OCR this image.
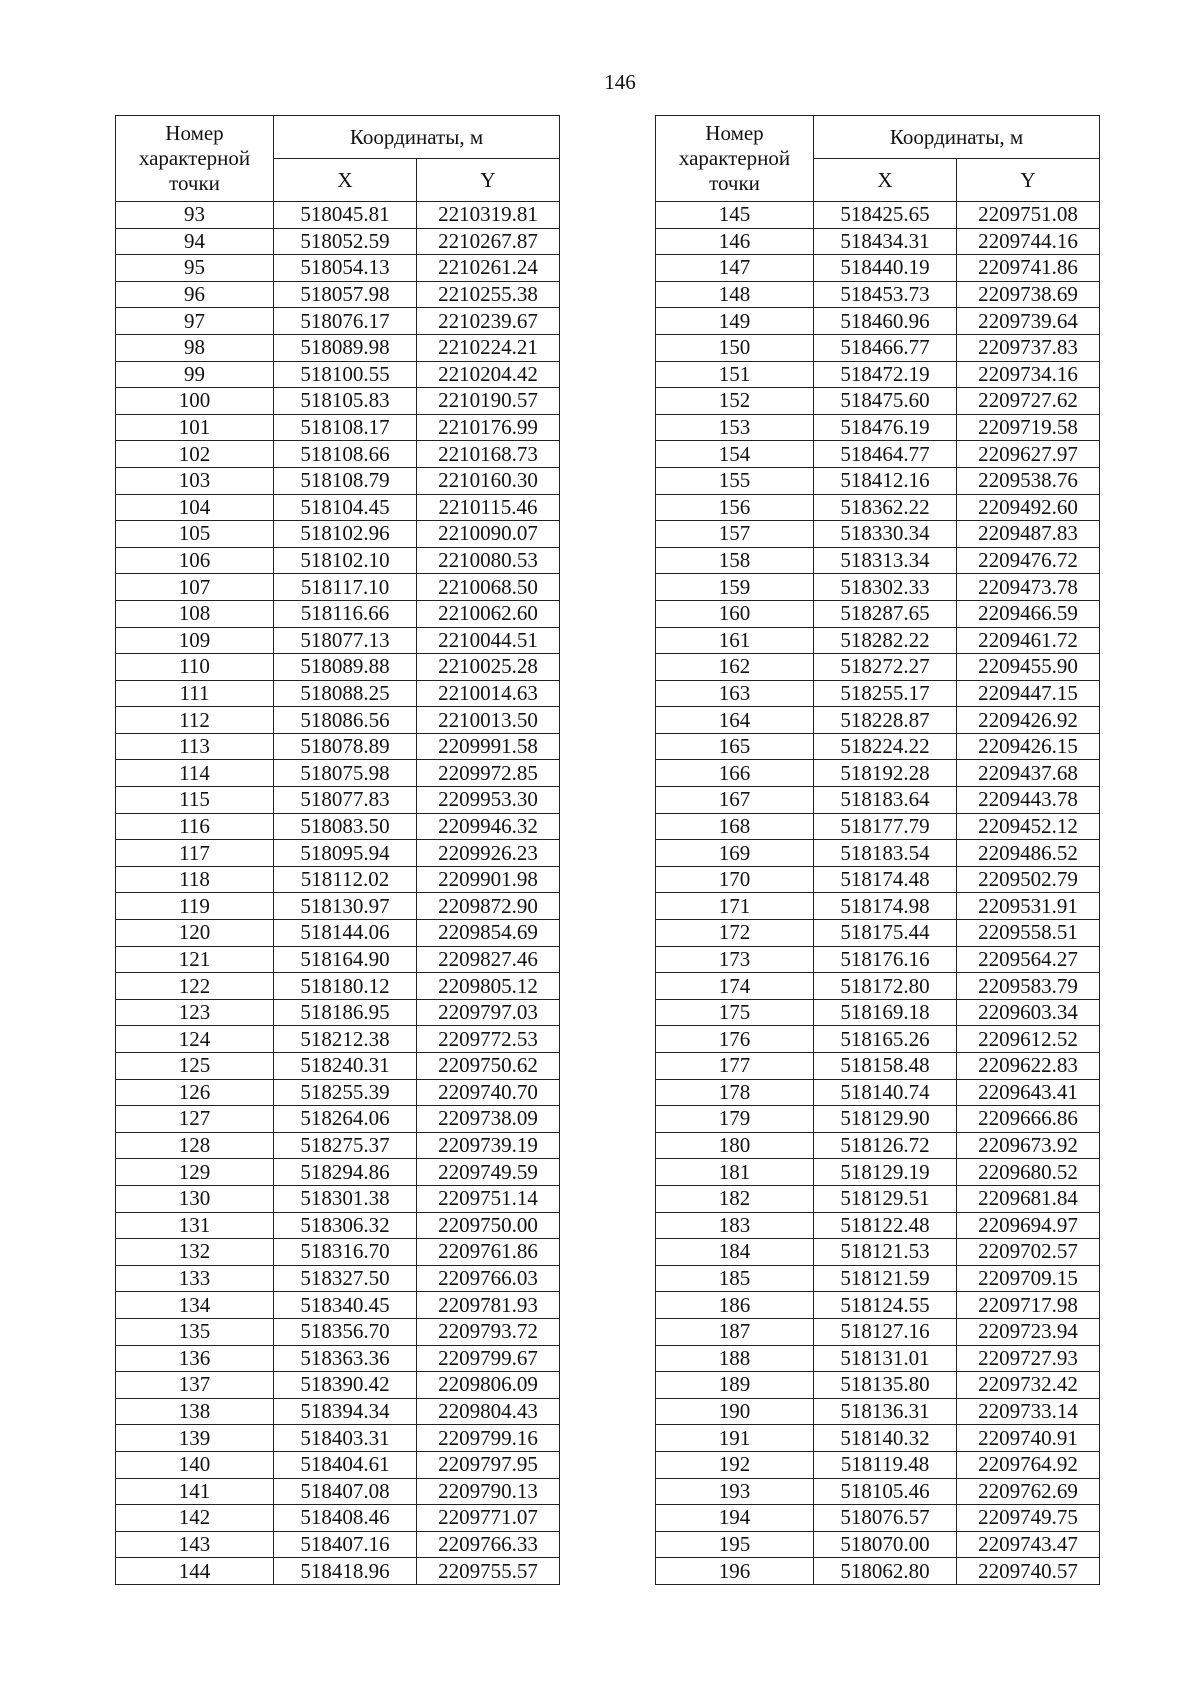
146
Номер характерной точки	Координаты, м	
	X	Y
93	518045.81	2210319.81
94	518052.59	2210267.87
95	518054.13	2210261.24
96	518057.98	2210255.38
97	518076.17	2210239.67
98	518089.98	2210224.21
99	518100.55	2210204.42
100	518105.83	2210190.57
101	518108.17	2210176.99
102	518108.66	2210168.73
103	518108.79	2210160.30
104	518104.45	2210115.46
105	518102.96	2210090.07
106	518102.10	2210080.53
107	518117.10	2210068.50
108	518116.66	2210062.60
109	518077.13	2210044.51
110	518089.88	2210025.28
111	518088.25	2210014.63
112	518086.56	2210013.50
113	518078.89	2209991.58
114	518075.98	2209972.85
115	518077.83	2209953.30
116	518083.50	2209946.32
117	518095.94	2209926.23
118	518112.02	2209901.98
119	518130.97	2209872.90
120	518144.06	2209854.69
121	518164.90	2209827.46
122	518180.12	2209805.12
123	518186.95	2209797.03
124	518212.38	2209772.53
125	518240.31	2209750.62
126	518255.39	2209740.70
127	518264.06	2209738.09
128	518275.37	2209739.19
129	518294.86	2209749.59
130	518301.38	2209751.14
131	518306.32	2209750.00
132	518316.70	2209761.86
133	518327.50	2209766.03
134	518340.45	2209781.93
135	518356.70	2209793.72
136	518363.36	2209799.67
137	518390.42	2209806.09
138	518394.34	2209804.43
139	518403.31	2209799.16
140	518404.61	2209797.95
141	518407.08	2209790.13
142	518408.46	2209771.07
143	518407.16	2209766.33
144	518418.96	2209755.57
Номер характерной точки	Координаты, м	
	X	Y
145	518425.65	2209751.08
146	518434.31	2209744.16
147	518440.19	2209741.86
148	518453.73	2209738.69
149	518460.96	2209739.64
150	518466.77	2209737.83
151	518472.19	2209734.16
152	518475.60	2209727.62
153	518476.19	2209719.58
154	518464.77	2209627.97
155	518412.16	2209538.76
156	518362.22	2209492.60
157	518330.34	2209487.83
158	518313.34	2209476.72
159	518302.33	2209473.78
160	518287.65	2209466.59
161	518282.22	2209461.72
162	518272.27	2209455.90
163	518255.17	2209447.15
164	518228.87	2209426.92
165	518224.22	2209426.15
166	518192.28	2209437.68
167	518183.64	2209443.78
168	518177.79	2209452.12
169	518183.54	2209486.52
170	518174.48	2209502.79
171	518174.98	2209531.91
172	518175.44	2209558.51
173	518176.16	2209564.27
174	518172.80	2209583.79
175	518169.18	2209603.34
176	518165.26	2209612.52
177	518158.48	2209622.83
178	518140.74	2209643.41
179	518129.90	2209666.86
180	518126.72	2209673.92
181	518129.19	2209680.52
182	518129.51	2209681.84
183	518122.48	2209694.97
184	518121.53	2209702.57
185	518121.59	2209709.15
186	518124.55	2209717.98
187	518127.16	2209723.94
188	518131.01	2209727.93
189	518135.80	2209732.42
190	518136.31	2209733.14
191	518140.32	2209740.91
192	518119.48	2209764.92
193	518105.46	2209762.69
194	518076.57	2209749.75
195	518070.00	2209743.47
196	518062.80	2209740.57
